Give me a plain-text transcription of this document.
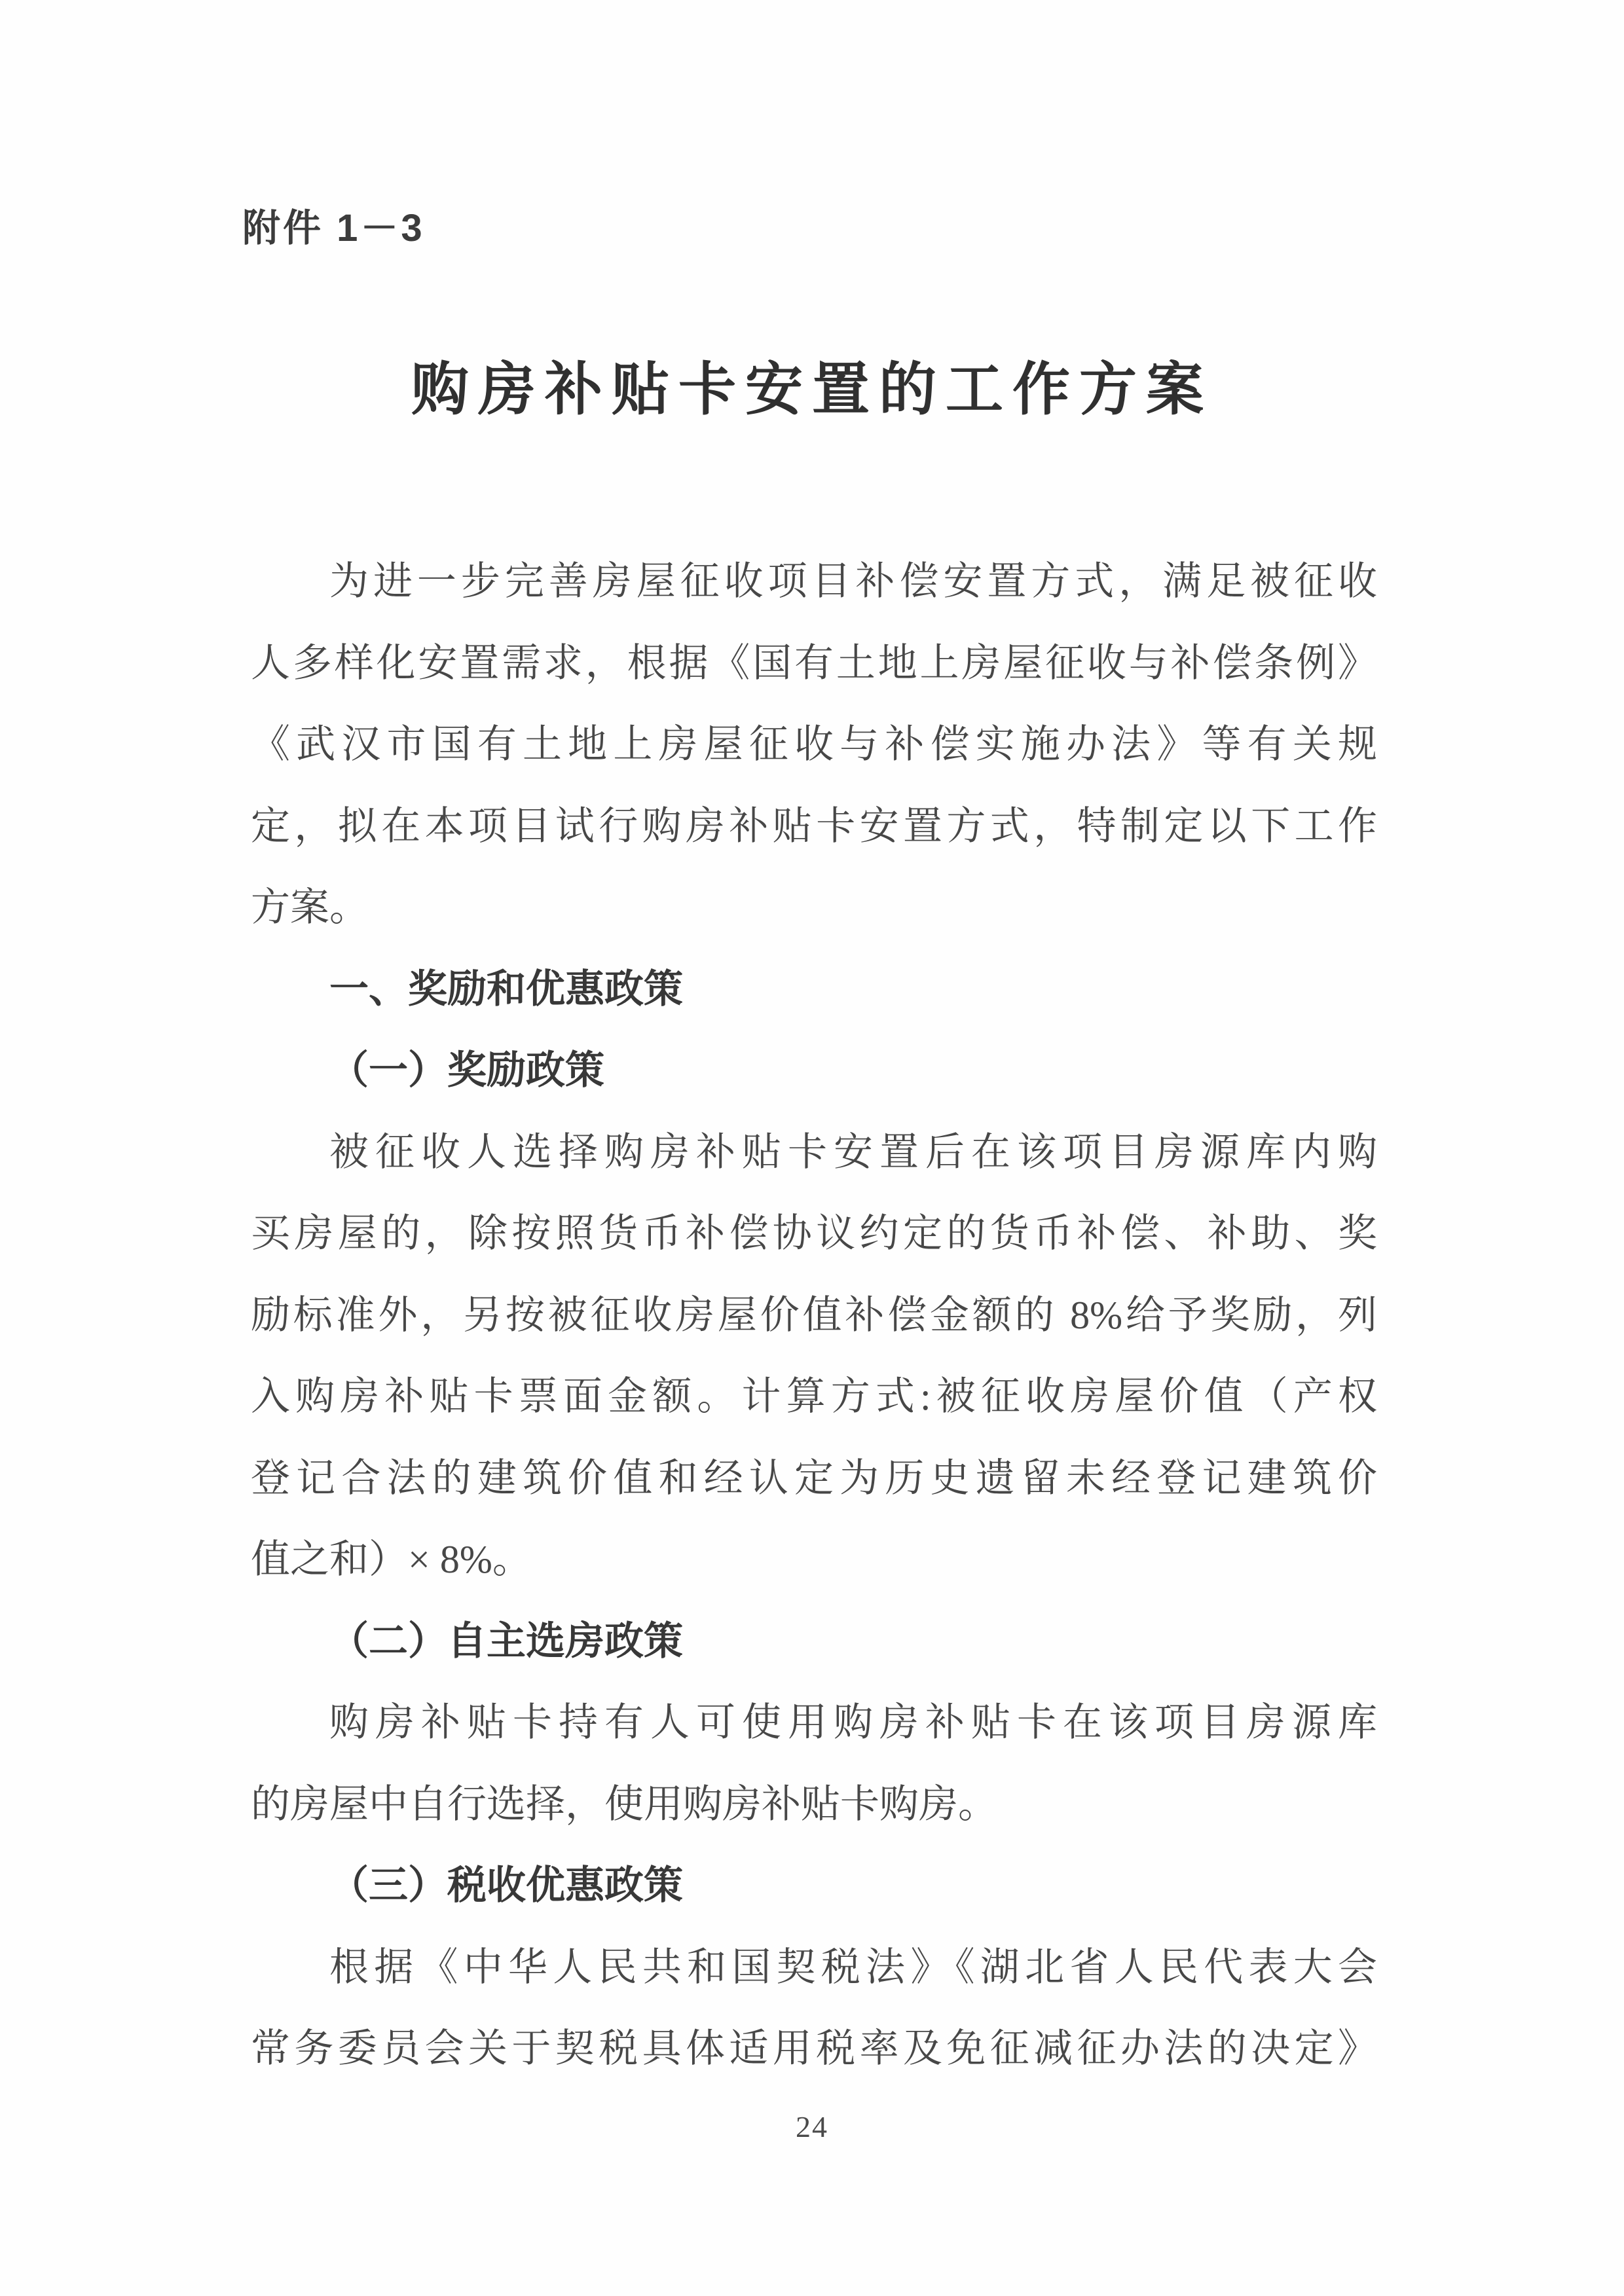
附件 1－3
购房补贴卡安置的工作方案
为进一步完善房屋征收项目补偿安置方式，满足被征收
人多样化安置需求，根据《国有土地上房屋征收与补偿条例》
《武汉市国有土地上房屋征收与补偿实施办法》等有关规
定，拟在本项目试行购房补贴卡安置方式，特制定以下工作
方案。
一、奖励和优惠政策
（一）奖励政策
被征收人选择购房补贴卡安置后在该项目房源库内购
买房屋的，除按照货币补偿协议约定的货币补偿、补助、奖
励标准外，另按被征收房屋价值补偿金额的 8%给予奖励，列
入购房补贴卡票面金额。计算方式:被征收房屋价值（产权
登记合法的建筑价值和经认定为历史遗留未经登记建筑价
值之和）× 8%。
（二）自主选房政策
购房补贴卡持有人可使用购房补贴卡在该项目房源库
的房屋中自行选择，使用购房补贴卡购房。
（三）税收优惠政策
根据《中华人民共和国契税法》《湖北省人民代表大会
常务委员会关于契税具体适用税率及免征减征办法的决定》
24
